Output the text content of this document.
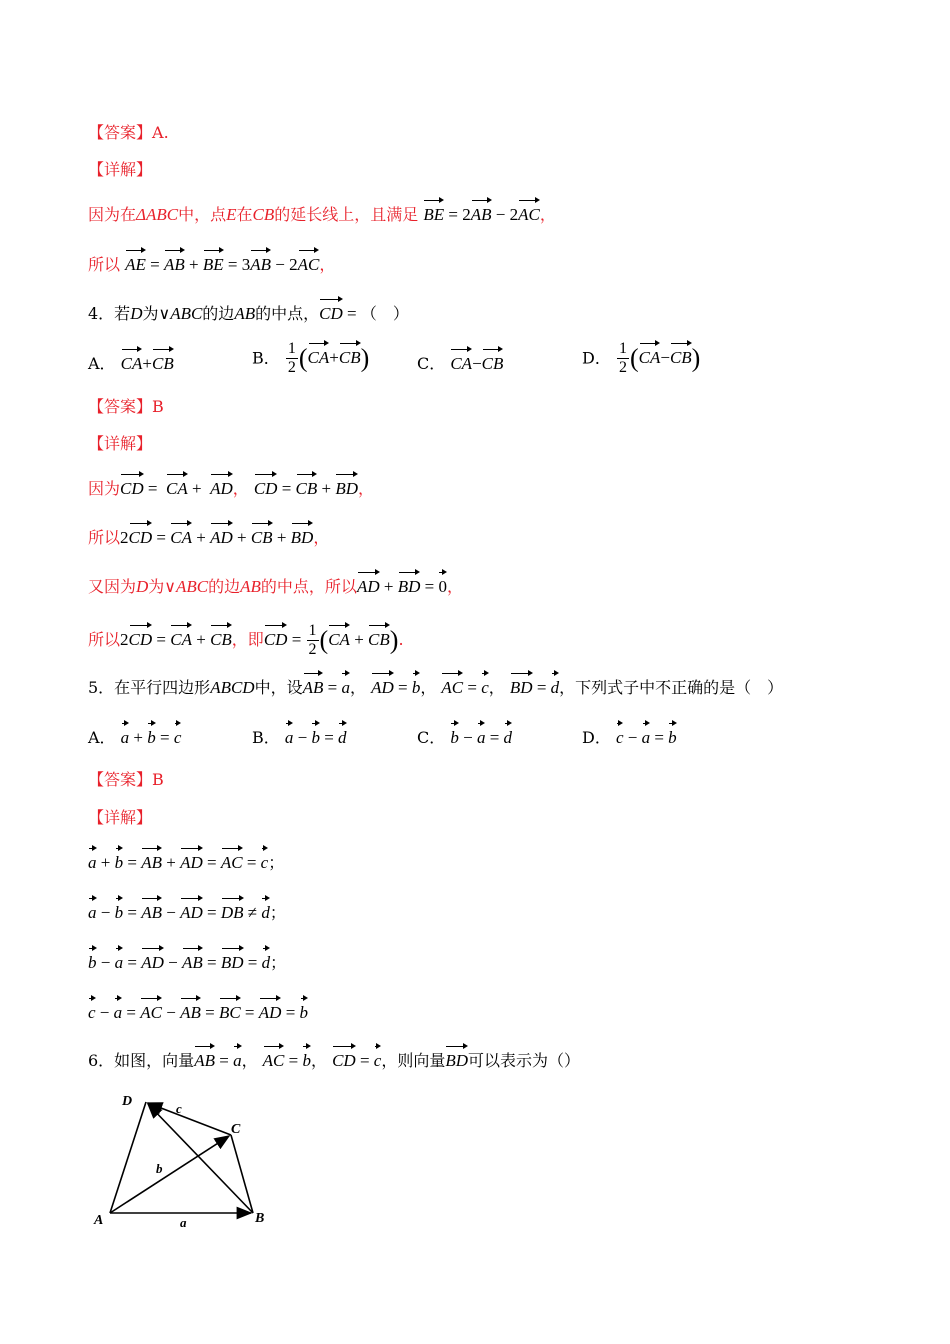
【答案】A.
【详解】
因为在ΔABC中，点E在CB的延长线上，且满足 BE = 2AB − 2AC，
所以 AE = AB + BE = 3AB − 2AC，
4．若D为∨ABC的边AB的中点，CD = （　）
A． CA+CB	B． $\frac{1}{2} (CA+CB)$	C． CA−CB	D． $\frac{1}{2} (CA-CB)$
【答案】B
【详解】
因为CD =  CA +  AD， CD = CB + BD，
所以2CD = CA + AD + CB + BD，
又因为D为∨ABC的边AB的中点，所以AD + BD = 0，
所以2CD = CA + CB，即CD = $\frac{1}{2} (CA + CB)$.
5．在平行四边形ABCD中，设AB = a， AD = b， AC = c， BD = d，下列式子中不正确的是（　）
A． a + b = c	B． a − b = d	C． b − a = d	D． c − a = b
【答案】B
【详解】
a + b = AB + AD = AC = c；
a − b = AB − AD = DB ≠ d；
b − a = AD − AB = BD = d；
c − a = AC − AB = BC = AD = b
6．如图，向量AB = a， AC = b， CD = c，则向量BD可以表示为（）
D
C
A	B
a
b
c
